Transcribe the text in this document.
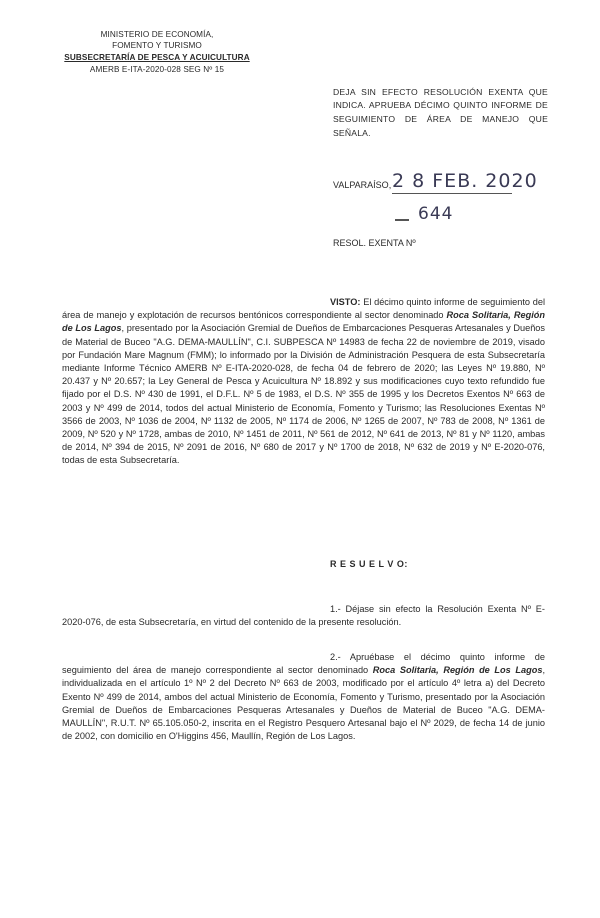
MINISTERIO DE ECONOMÍA,
FOMENTO Y TURISMO
SUBSECRETARÍA DE PESCA Y ACUICULTURA
AMERB E-ITA-2020-028 SEG Nº 15
DEJA SIN EFECTO RESOLUCIÓN EXENTA QUE
INDICA. APRUEBA DÉCIMO QUINTO INFORME DE
SEGUIMIENTO DE ÁREA DE MANEJO QUE SEÑALA.
VALPARAÍSO, 2 8 FEB. 2020
644
RESOL. EXENTA Nº
VISTO: El décimo quinto informe de seguimiento del área de manejo y explotación de recursos bentónicos correspondiente al sector denominado Roca Solitaria, Región de Los Lagos, presentado por la Asociación Gremial de Dueños de Embarcaciones Pesqueras Artesanales y Dueños de Material de Buceo "A.G. DEMA-MAULLÍN", C.I. SUBPESCA Nº 14983 de fecha 22 de noviembre de 2019, visado por Fundación Mare Magnum (FMM); lo informado por la División de Administración Pesquera de esta Subsecretaría mediante Informe Técnico AMERB Nº E-ITA-2020-028, de fecha 04 de febrero de 2020; las Leyes Nº 19.880, Nº 20.437 y Nº 20.657; la Ley General de Pesca y Acuicultura Nº 18.892 y sus modificaciones cuyo texto refundido fue fijado por el D.S. Nº 430 de 1991, el D.F.L. Nº 5 de 1983, el D.S. Nº 355 de 1995 y los Decretos Exentos Nº 663 de 2003 y Nº 499 de 2014, todos del actual Ministerio de Economía, Fomento y Turismo; las Resoluciones Exentas Nº 3566 de 2003, Nº 1036 de 2004, Nº 1132 de 2005, Nº 1174 de 2006, Nº 1265 de 2007, Nº 783 de 2008, Nº 1361 de 2009, Nº 520 y Nº 1728, ambas de 2010, Nº 1451 de 2011, Nº 561 de 2012, Nº 641 de 2013, Nº 81 y Nº 1120, ambas de 2014, Nº 394 de 2015, Nº 2091 de 2016, Nº 680 de 2017 y Nº 1700 de 2018, Nº 632 de 2019 y Nº E-2020-076, todas de esta Subsecretaría.
R E S U E L V O:
1.- Déjase sin efecto la Resolución Exenta Nº E-2020-076, de esta Subsecretaría, en virtud del contenido de la presente resolución.
2.- Apruébase el décimo quinto informe de seguimiento del área de manejo correspondiente al sector denominado Roca Solitaria, Región de Los Lagos, individualizada en el artículo 1º Nº 2 del Decreto Nº 663 de 2003, modificado por el artículo 4º letra a) del Decreto Exento Nº 499 de 2014, ambos del actual Ministerio de Economía, Fomento y Turismo, presentado por la Asociación Gremial de Dueños de Embarcaciones Pesqueras Artesanales y Dueños de Material de Buceo "A.G. DEMA-MAULLÍN", R.U.T. Nº 65.105.050-2, inscrita en el Registro Pesquero Artesanal bajo el Nº 2029, de fecha 14 de junio de 2002, con domicilio en O'Higgins 456, Maullín, Región de Los Lagos.
